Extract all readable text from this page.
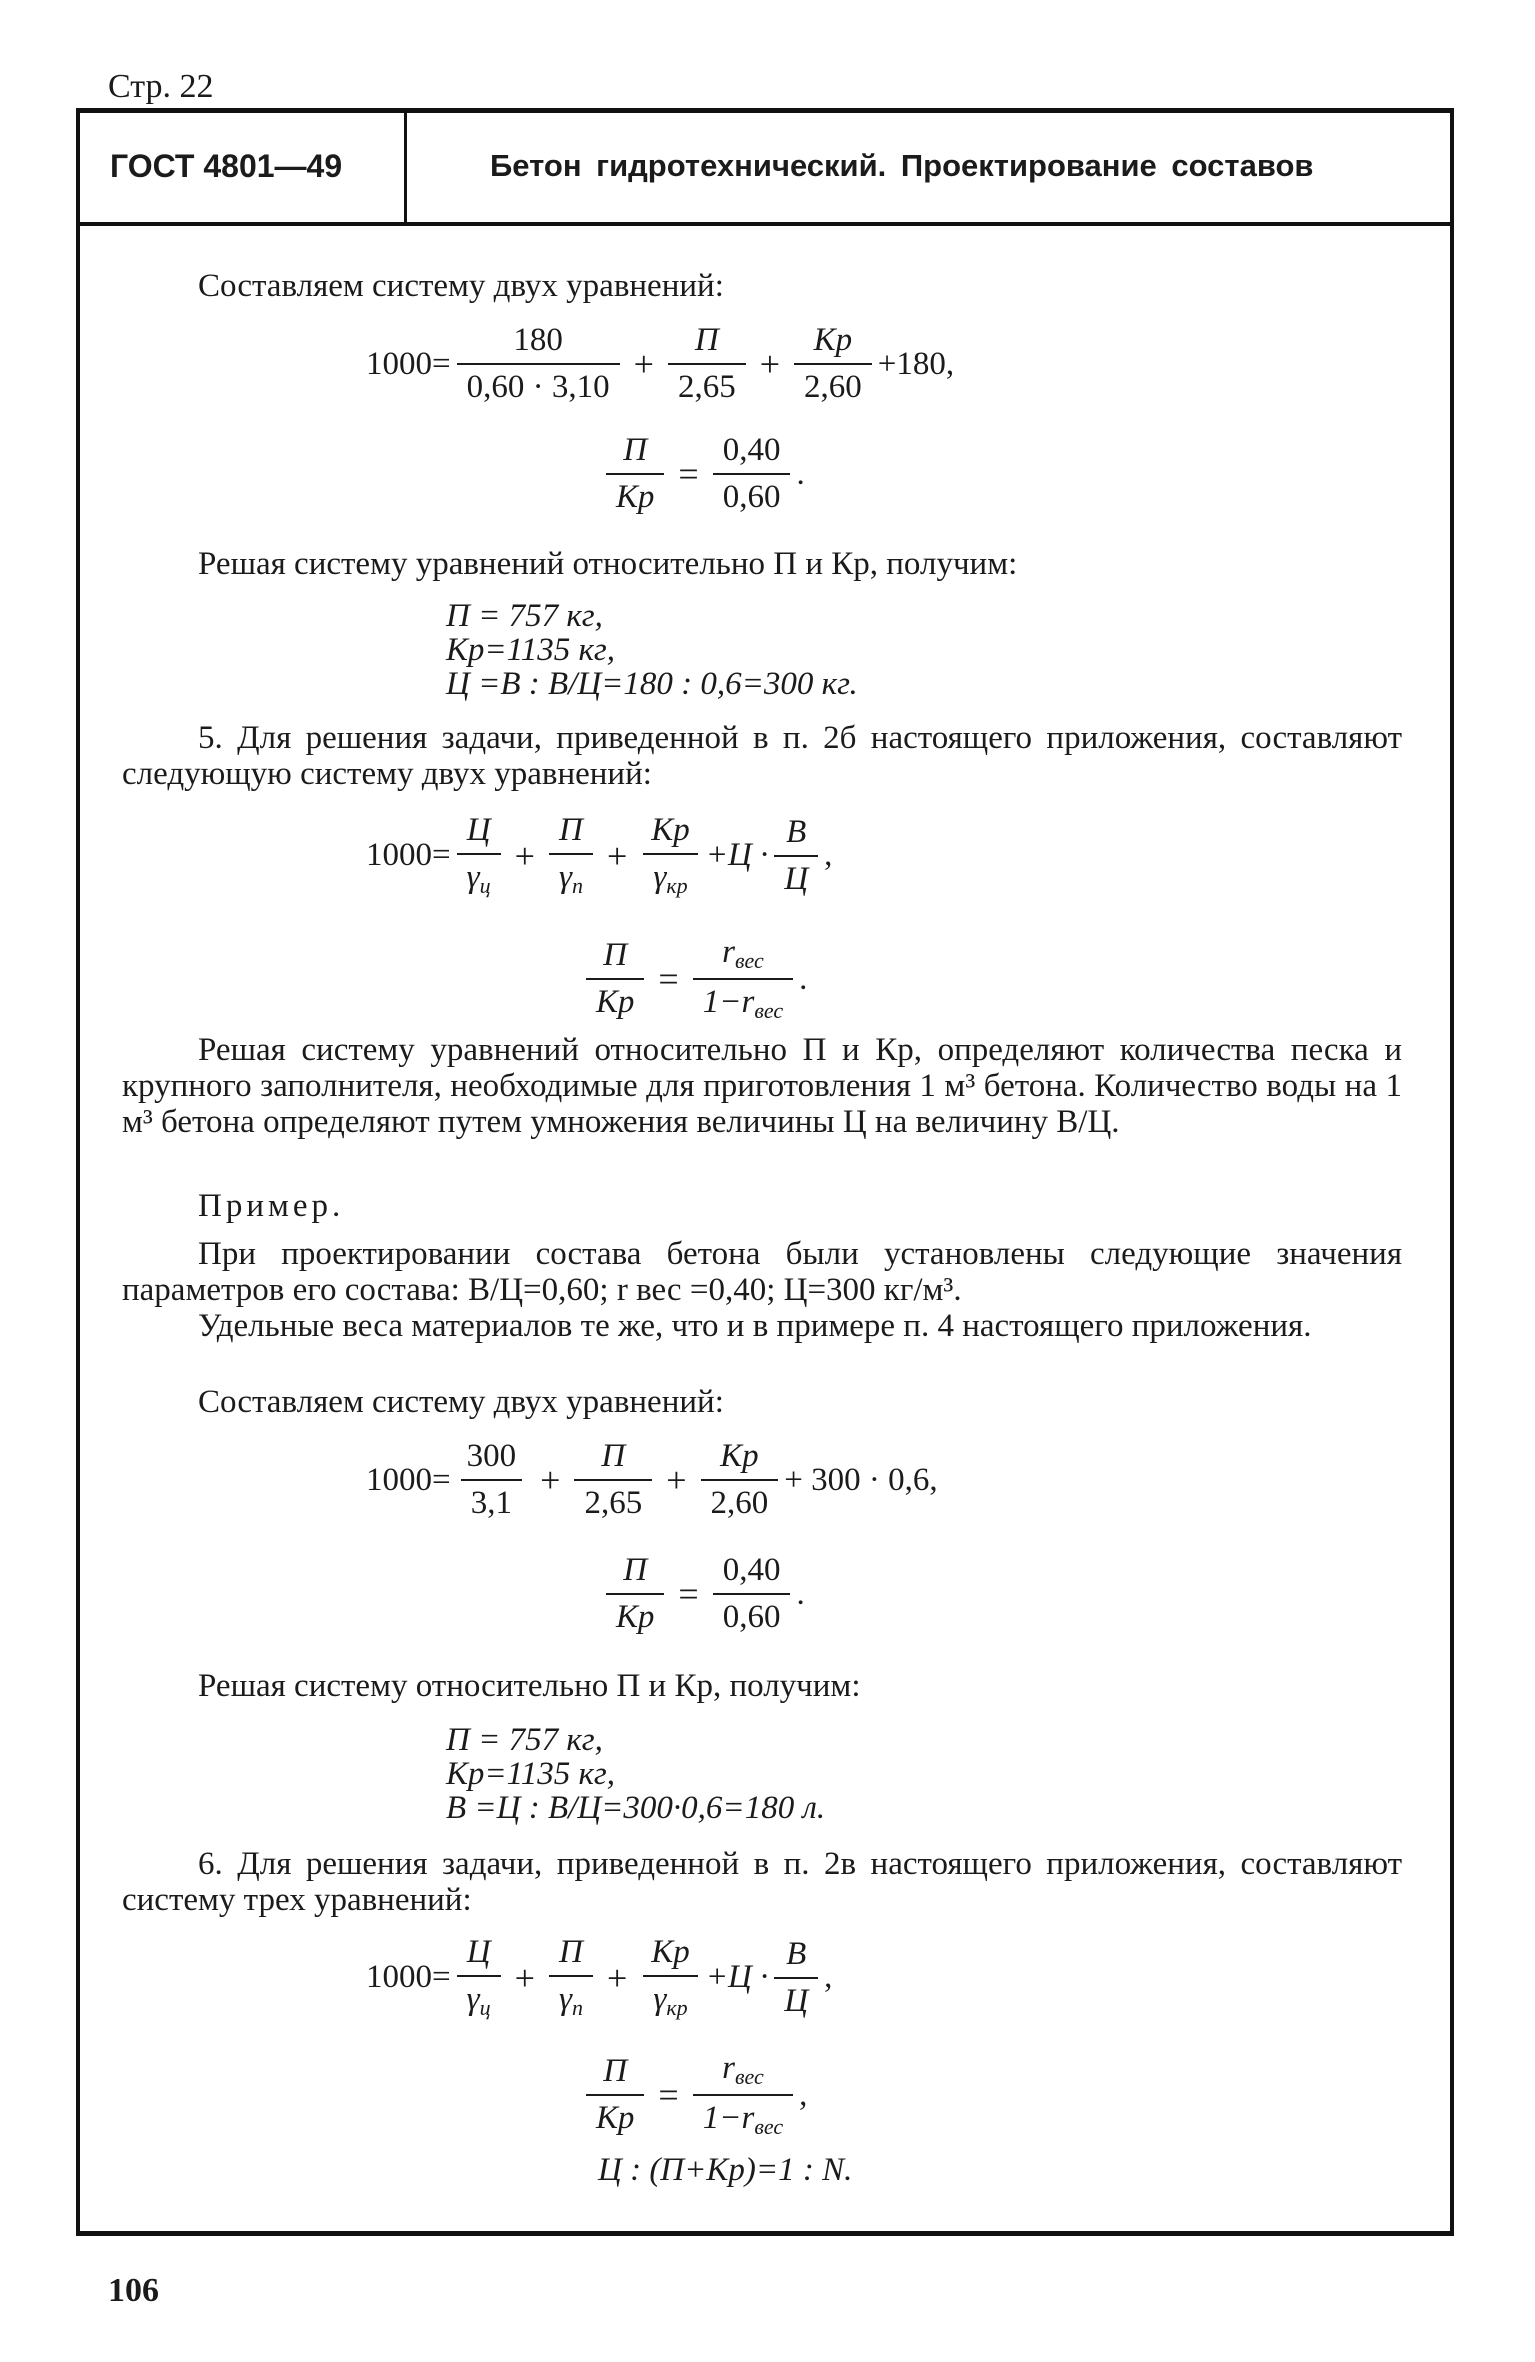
Стр. 22
ГОСТ 4801—49	Бетон гидротехнический. Проектирование составов
Составляем систему двух уравнений:
$1000= \frac{180}{0,60 \cdot 3,10} + \frac{П}{2,65} + \frac{Кр}{2,60} +180$,
$\frac{П}{Кр} = \frac{0,40}{0,60}$ .
Решая систему уравнений относительно П и Кр, получим:
П = 757 кг,
Кр=1135 кг,
Ц =В : В/Ц=180 : 0,6=300 кг.
5. Для решения задачи, приведенной в п. 2б настоящего приложения, составляют следующую систему двух уравнений:
$1000= \frac{Ц}{\gamma_ц} + \frac{П}{\gamma_п} + \frac{Кр}{\gamma_{кр}} +Ц \cdot \frac{В}{Ц}$ ,
$\frac{П}{Кр} = \frac{r_{вес}}{1-r_{вес}}$ .
Решая систему уравнений относительно П и Кр, определяют количества песка и крупного заполнителя, необходимые для приготовления 1 м³ бетона. Количество воды на 1 м³ бетона определяют путем умножения величины Ц на величину В/Ц.
Пример.
При проектировании состава бетона были установлены следующие значения параметров его состава: В/Ц=0,60; r вес =0,40; Ц=300 кг/м³.
Удельные веса материалов те же, что и в примере п. 4 настоящего приложения.
Составляем систему двух уравнений:
$1000= \frac{300}{3,1} + \frac{П}{2,65} + \frac{Кр}{2,60} + 300 \cdot 0,6$,
$\frac{П}{Кр} = \frac{0,40}{0,60}$ .
Решая систему относительно П и Кр, получим:
П = 757 кг,
Кр=1135 кг,
В =Ц : В/Ц=300·0,6=180 л.
6. Для решения задачи, приведенной в п. 2в настоящего приложения, составляют систему трех уравнений:
$1000= \frac{Ц}{\gamma_ц} + \frac{П}{\gamma_п} + \frac{Кр}{\gamma_{кр}} +Ц \cdot \frac{В}{Ц}$ ,
$\frac{П}{Кр} = \frac{r_{вес}}{1-r_{вес}}$ ,
Ц : (П+Кр)=1 : N.
106
